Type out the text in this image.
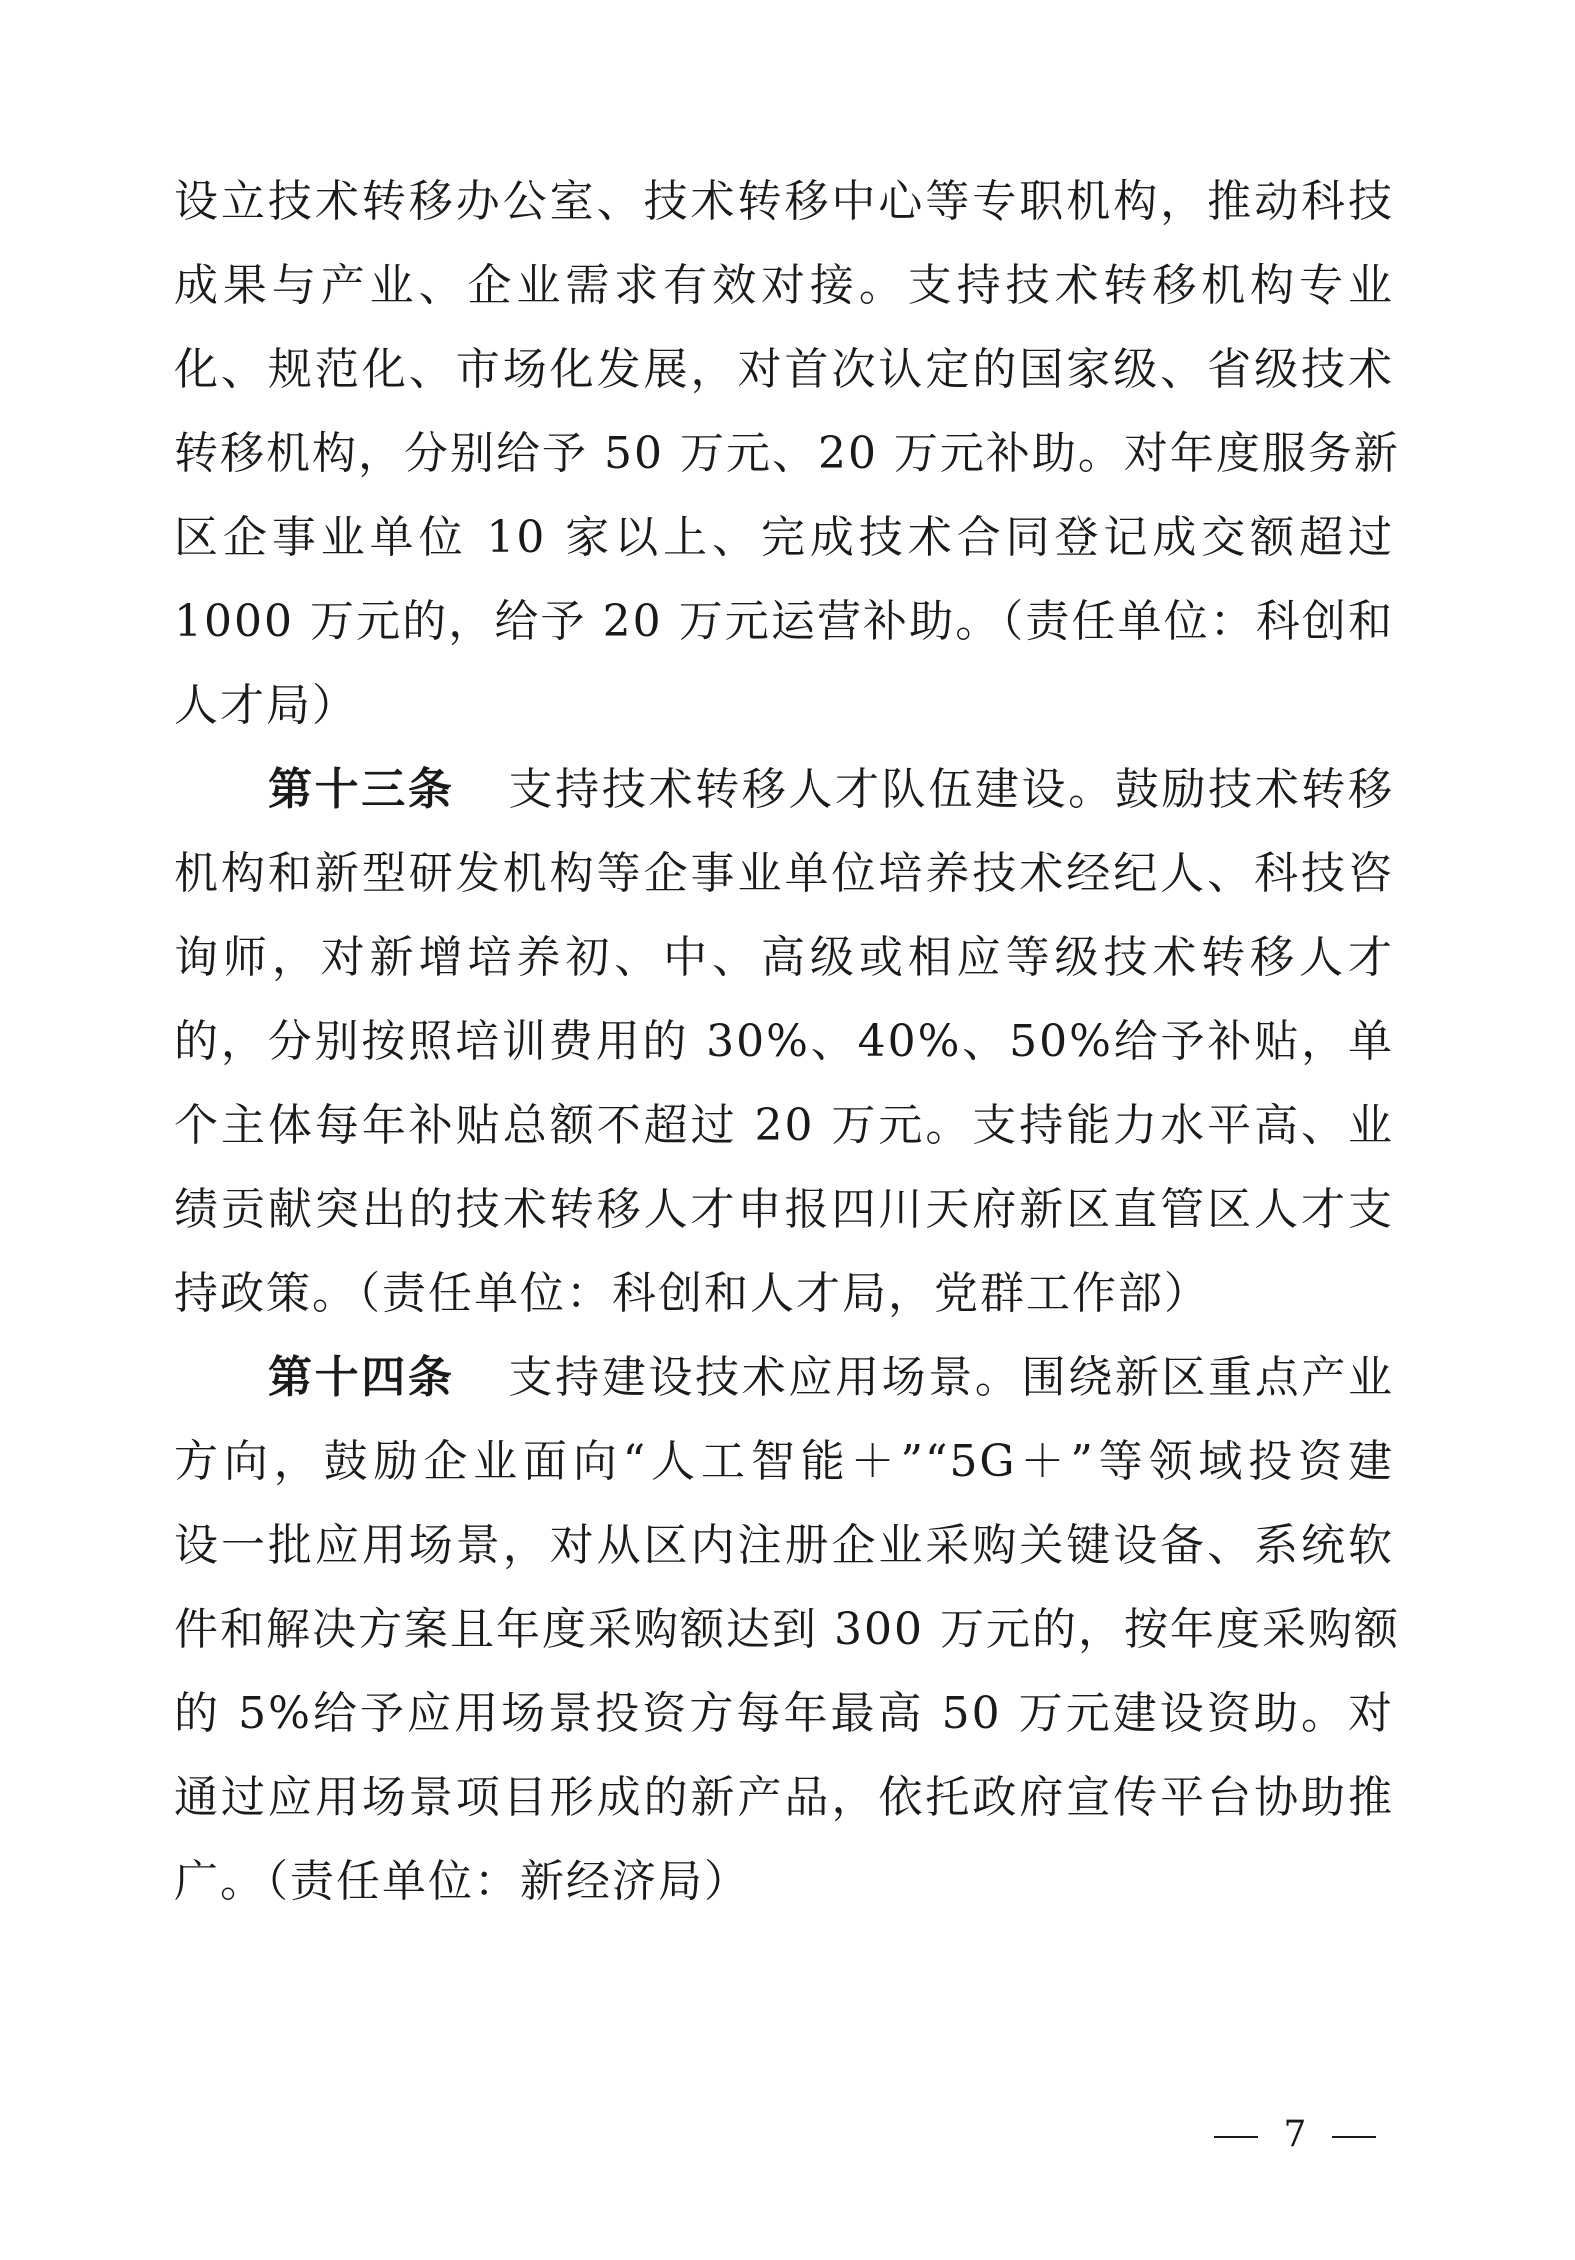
设立技术转移办公室、技术转移中心等专职机构，推动科技
成果与产业、企业需求有效对接。支持技术转移机构专业
化、规范化、市场化发展，对首次认定的国家级、省级技术
转移机构，分别给予 50 万元、20 万元补助。对年度服务新
区企事业单位 10 家以上、完成技术合同登记成交额超过
1000 万元的，给予 20 万元运营补助。（责任单位：科创和
人才局）
第十三条 支持技术转移人才队伍建设。鼓励技术转移
机构和新型研发机构等企事业单位培养技术经纪人、科技咨
询师，对新增培养初、中、高级或相应等级技术转移人才
的，分别按照培训费用的 30%、40%、50%给予补贴，单
个主体每年补贴总额不超过 20 万元。支持能力水平高、业
绩贡献突出的技术转移人才申报四川天府新区直管区人才支
持政策。（责任单位：科创和人才局，党群工作部）
第十四条 支持建设技术应用场景。围绕新区重点产业
方向，鼓励企业面向“人工智能＋”“5G＋”等领域投资建
设一批应用场景，对从区内注册企业采购关键设备、系统软
件和解决方案且年度采购额达到 300 万元的，按年度采购额
的 5%给予应用场景投资方每年最高 50 万元建设资助。对
通过应用场景项目形成的新产品，依托政府宣传平台协助推
广。（责任单位：新经济局）
7
